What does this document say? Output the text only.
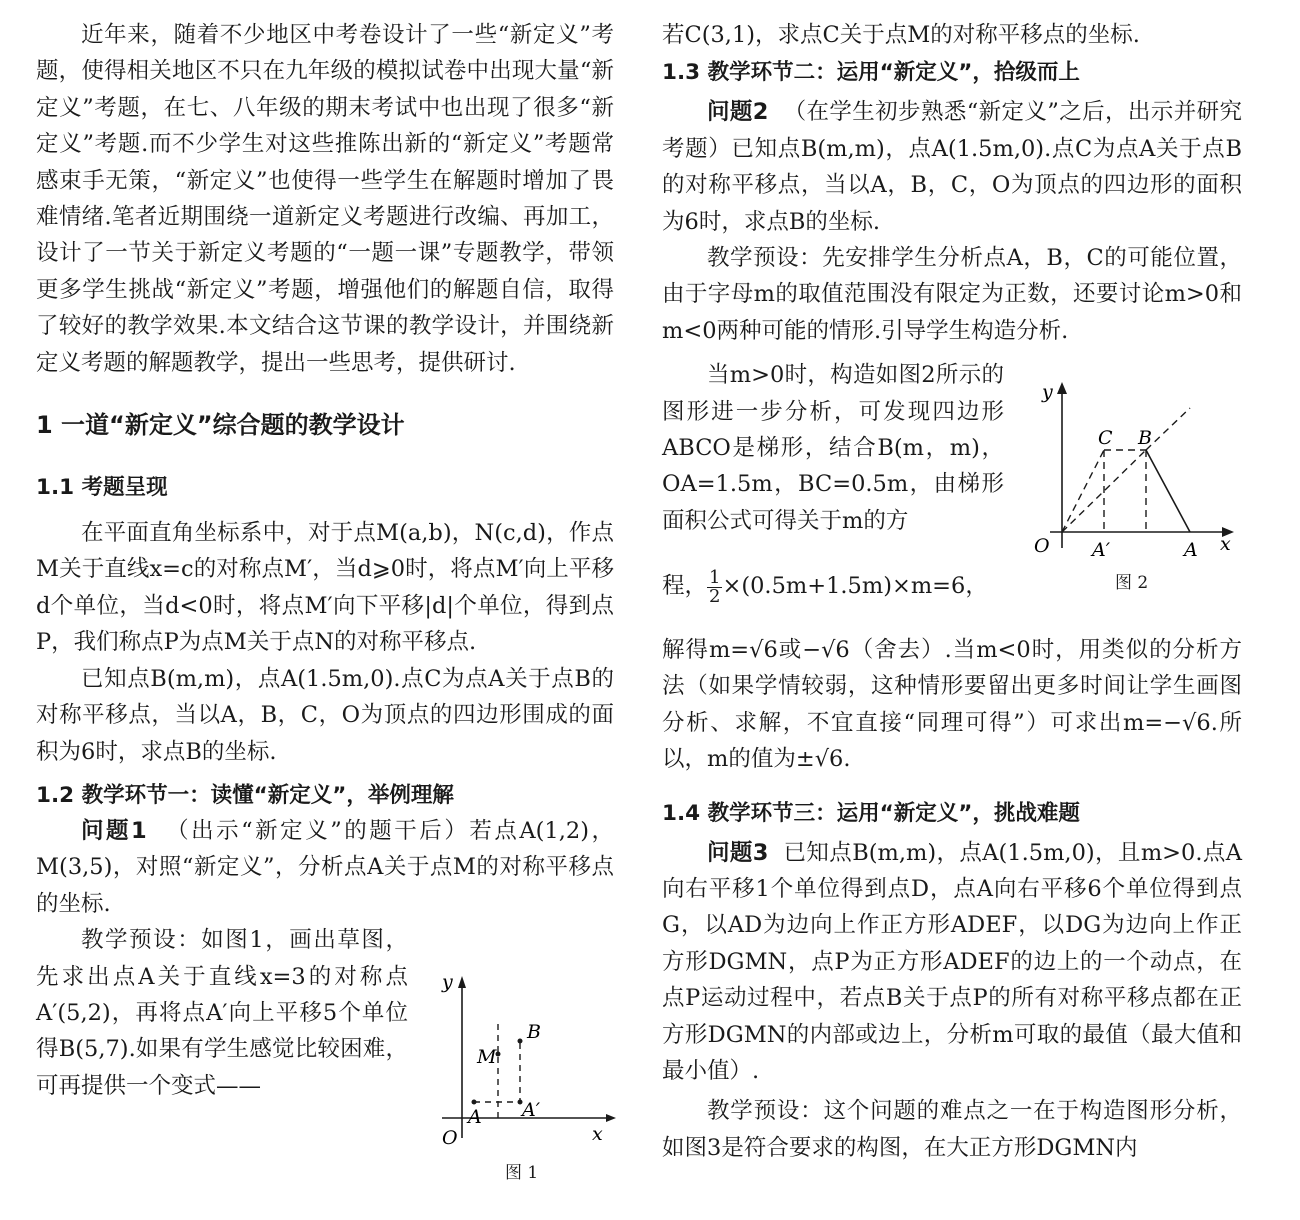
近年来，随着不少地区中考卷设计了一些“新定义”考题，使得相关地区不只在九年级的模拟试卷中出现大量“新定义”考题，在七、八年级的期末考试中也出现了很多“新定义”考题.而不少学生对这些推陈出新的“新定义”考题常感束手无策，“新定义”也使得一些学生在解题时增加了畏难情绪.笔者近期围绕一道新定义考题进行改编、再加工，设计了一节关于新定义考题的“一题一课”专题教学，带领更多学生挑战“新定义”考题，增强他们的解题自信，取得了较好的教学效果.本文结合这节课的教学设计，并围绕新定义考题的解题教学，提出一些思考，提供研讨.

1 一道“新定义”综合题的教学设计

1.1 考题呈现

在平面直角坐标系中，对于点M(a,b)，N(c,d)，作点M关于直线x=c的对称点M′，当d⩾0时，将点M′向上平移d个单位，当d<0时，将点M′向下平移|d|个单位，得到点P，我们称点P为点M关于点N的对称平移点.

已知点B(m,m)，点A(1.5m,0).点C为点A关于点B的对称平移点，当以A，B，C，O为顶点的四边形围成的面积为6时，求点B的坐标.

1.2 教学环节一：读懂“新定义”，举例理解

问题1 （出示“新定义”的题干后）若点A(1,2)，M(3,5)，对照“新定义”，分析点A关于点M的对称平移点的坐标.

教学预设：如图1，画出草图，先求出点A关于直线x=3的对称点A′(5,2)，再将点A′向上平移5个单位得B(5,7).如果有学生感觉比较困难，可再提供一个变式——

y
x
O
M
B
A A′
图 1

若C(3,1)，求点C关于点M的对称平移点的坐标.

1.3 教学环节二：运用“新定义”，拾级而上

问题2 （在学生初步熟悉“新定义”之后，出示并研究考题）已知点B(m,m)，点A(1.5m,0).点C为点A关于点B的对称平移点，当以A，B，C，O为顶点的四边形的面积为6时，求点B的坐标.

教学预设：先安排学生分析点A，B，C的可能位置，由于字母m的取值范围没有限定为正数，还要讨论m>0和m<0两种可能的情形.引导学生构造分析.

当m>0时，构造如图2所示的图形进一步分析，可发现四边形ABCO是梯形，结合B(m，m)，OA=1.5m，BC=0.5m，由梯形面积公式可得关于m的方

程， $\frac{1}{2} \times(0.5m+1.5m)\times m=6$，

解得m=√6或−√6（舍去）.当m<0时，用类似的分析方法（如果学情较弱，这种情形要留出更多时间让学生画图分析、求解，不宜直接“同理可得”）可求出m=−√6.所以，m的值为±√6.

1.4 教学环节三：运用“新定义”，挑战难题

问题3 已知点B(m,m)，点A(1.5m,0)，且m>0.点A向右平移1个单位得到点D，点A向右平移6个单位得到点G，以AD为边向上作正方形ADEF，以DG为边向上作正方形DGMN，点P为正方形ADEF的边上的一个动点，在点P运动过程中，若点B关于点P的所有对称平移点都在正方形DGMN的内部或边上，分析m可取的最值（最大值和最小值）.

教学预设：这个问题的难点之一在于构造图形分析，如图3是符合要求的构图，在大正方形DGMN内

y
x
O
C B
A
A′
图 2
